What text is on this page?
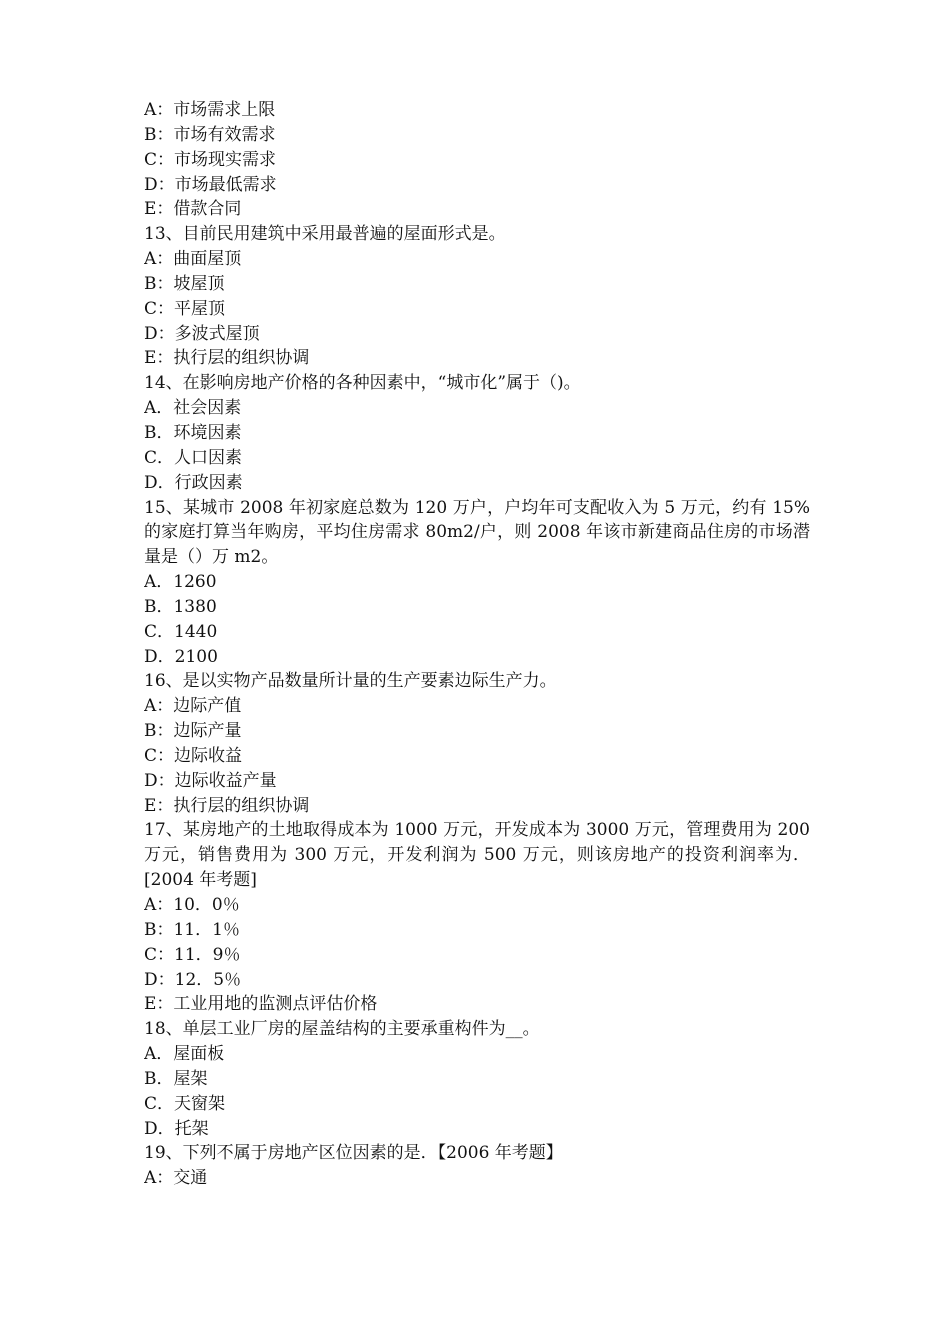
A：市场需求上限
B：市场有效需求
C：市场现实需求
D：市场最低需求
E：借款合同
13、目前民用建筑中采用最普遍的屋面形式是。
A：曲面屋顶
B：坡屋顶
C：平屋顶
D：多波式屋顶
E：执行层的组织协调
14、在影响房地产价格的各种因素中，“城市化”属于（)。
A．社会因素
B．环境因素
C．人口因素
D．行政因素
15、某城市 2008 年初家庭总数为 120 万户，户均年可支配收入为 5 万元，约有 15%的家庭打算当年购房，平均住房需求 80m2/户，则 2008 年该市新建商品住房的市场潜量是（）万 m2。
A．1260
B．1380
C．1440
D．2100
16、是以实物产品数量所计量的生产要素边际生产力。
A：边际产值
B：边际产量
C：边际收益
D：边际收益产量
E：执行层的组织协调
17、某房地产的土地取得成本为 1000 万元，开发成本为 3000 万元，管理费用为 200 万元，销售费用为 300 万元，开发利润为 500 万元，则该房地产的投资利润率为．[2004 年考题]
A：10．0％
B：11．1％
C：11．9％
D：12．5％
E：工业用地的监测点评估价格
18、单层工业厂房的屋盖结构的主要承重构件为__。
A．屋面板
B．屋架
C．天窗架
D．托架
19、下列不属于房地产区位因素的是．【2006 年考题】
A：交通
